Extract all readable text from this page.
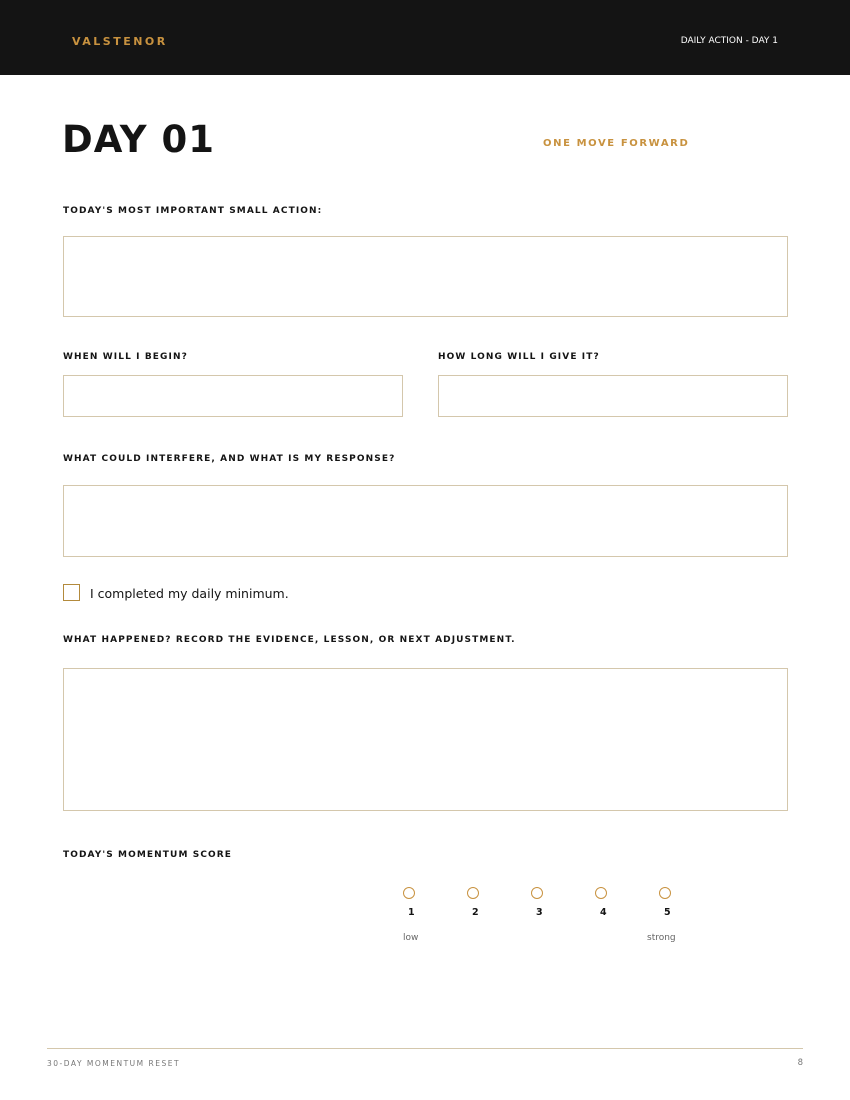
VALSTENOR	DAILY ACTION - DAY 1
DAY 01	ONE MOVE FORWARD
TODAY'S MOST IMPORTANT SMALL ACTION:
WHEN WILL I BEGIN?	HOW LONG WILL I GIVE IT?
WHAT COULD INTERFERE, AND WHAT IS MY RESPONSE?
I completed my daily minimum.
WHAT HAPPENED? RECORD THE EVIDENCE, LESSON, OR NEXT ADJUSTMENT.
TODAY'S MOMENTUM SCORE
1	2	3	4	5
low	strong
30-DAY MOMENTUM RESET	8
